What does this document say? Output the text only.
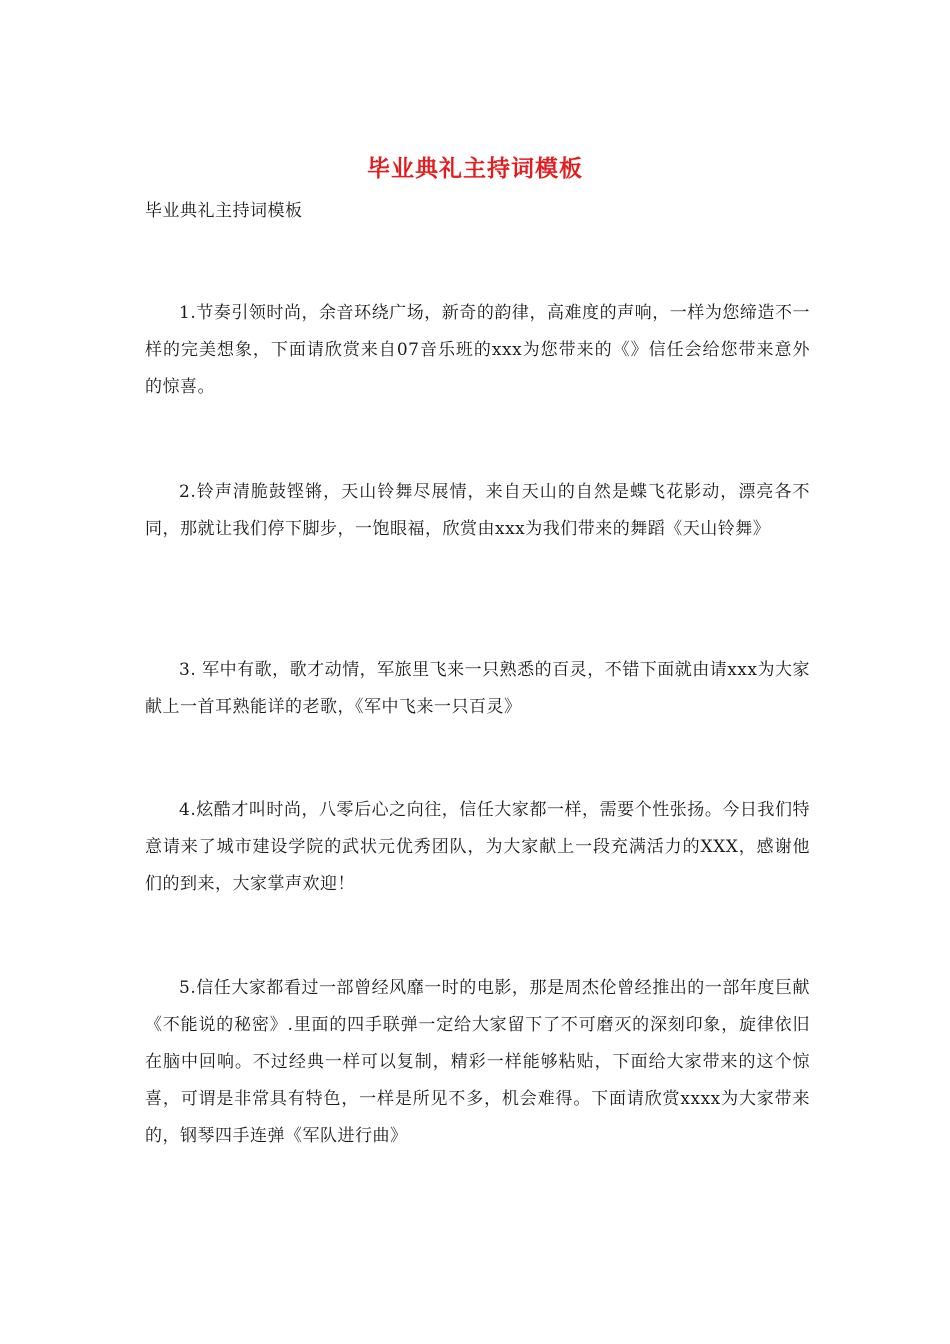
毕业典礼主持词模板
毕业典礼主持词模板

1.节奏引领时尚，余音环绕广场，新奇的韵律，高难度的声响，一样为您缔造不一样的完美想象，下面请欣赏来自07音乐班的xxx为您带来的《》信任会给您带来意外的惊喜。

2.铃声清脆鼓铿锵，天山铃舞尽展情，来自天山的自然是蝶飞花影动，漂亮各不同，那就让我们停下脚步，一饱眼福，欣赏由xxx为我们带来的舞蹈《天山铃舞》

3. 军中有歌，歌才动情，军旅里飞来一只熟悉的百灵，不错下面就由请xxx为大家献上一首耳熟能详的老歌，《军中飞来一只百灵》

4.炫酷才叫时尚，八零后心之向往，信任大家都一样，需要个性张扬。今日我们特意请来了城市建设学院的武状元优秀团队，为大家献上一段充满活力的XXX，感谢他们的到来，大家掌声欢迎！

5.信任大家都看过一部曾经风靡一时的电影，那是周杰伦曾经推出的一部年度巨献《不能说的秘密》.里面的四手联弹一定给大家留下了不可磨灭的深刻印象，旋律依旧在脑中回响。不过经典一样可以复制，精彩一样能够粘贴，下面给大家带来的这个惊喜，可谓是非常具有特色，一样是所见不多，机会难得。下面请欣赏xxxx为大家带来的，钢琴四手连弹《军队进行曲》
